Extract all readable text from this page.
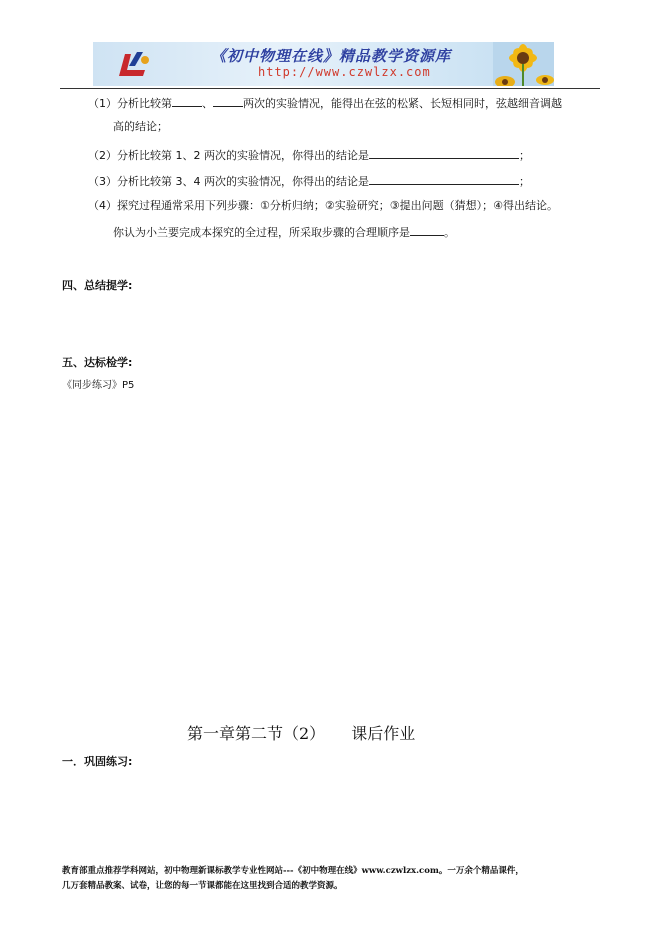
《初中物理在线》精品教学资源库
http://www.czwlzx.com
（1）分析比较第	、	两次的实验情况，能得出在弦的松紧、长短相同时，弦越细音调越
高的结论；
（2）分析比较第 1、2 两次的实验情况，你得出的结论是	；
（3）分析比较第 3、4 两次的实验情况，你得出的结论是	；
（4）探究过程通常采用下列步骤：①分析归纳；②实验研究；③提出问题（猜想）；④得出结论。
你认为小兰要完成本探究的全过程，所采取步骤的合理顺序是	。
四、总结提学:
五、达标检学:
《同步练习》P5
第一章第二节（2） 课后作业
一．巩固练习:
教育部重点推荐学科网站，初中物理新课标教学专业性网站---《初中物理在线》www.czwlzx.com。一万余个精品课件，
几万套精品教案、试卷，让您的每一节课都能在这里找到合适的教学资源。
